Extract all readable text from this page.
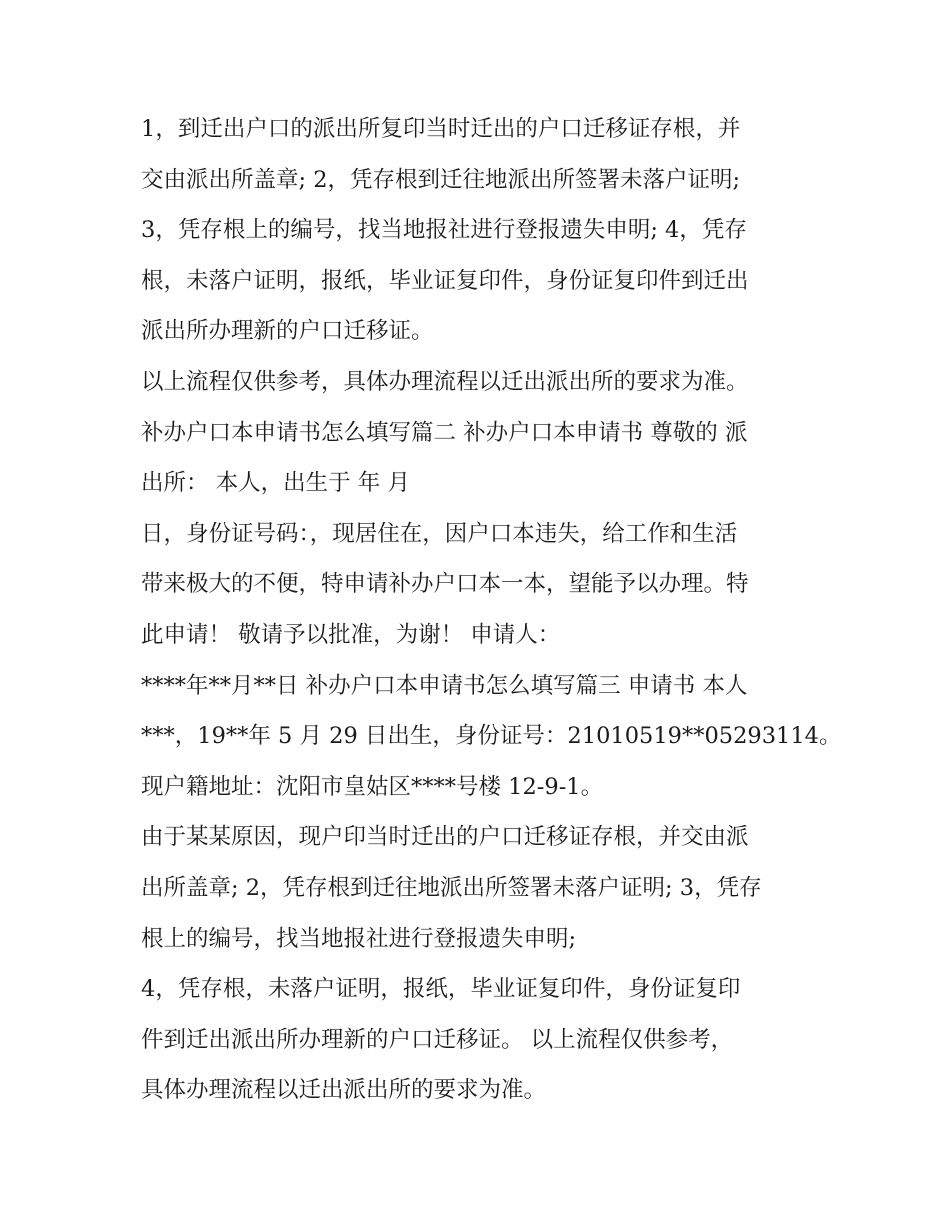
1，到迁出户口的派出所复印当时迁出的户口迁移证存根，并
交由派出所盖章; 2，凭存根到迁往地派出所签署未落户证明;
3，凭存根上的编号，找当地报社进行登报遗失申明; 4，凭存
根，未落户证明，报纸，毕业证复印件，身份证复印件到迁出
派出所办理新的户口迁移证。
以上流程仅供参考，具体办理流程以迁出派出所的要求为准。
补办户口本申请书怎么填写篇二 补办户口本申请书 尊敬的 派
出所： 本人，出生于 年 月
日，身份证号码：，现居住在，因户口本违失，给工作和生活
带来极大的不便，特申请补办户口本一本，望能予以办理。特
此申请！ 敬请予以批准，为谢！ 申请人：
****年**月**日 补办户口本申请书怎么填写篇三 申请书 本人
***，19**年 5 月 29 日出生，身份证号：21010519**05293114。
现户籍地址：沈阳市皇姑区****号楼 12-9-1。
由于某某原因，现户印当时迁出的户口迁移证存根，并交由派
出所盖章; 2，凭存根到迁往地派出所签署未落户证明; 3，凭存
根上的编号，找当地报社进行登报遗失申明;
4，凭存根，未落户证明，报纸，毕业证复印件，身份证复印
件到迁出派出所办理新的户口迁移证。 以上流程仅供参考，
具体办理流程以迁出派出所的要求为准。
